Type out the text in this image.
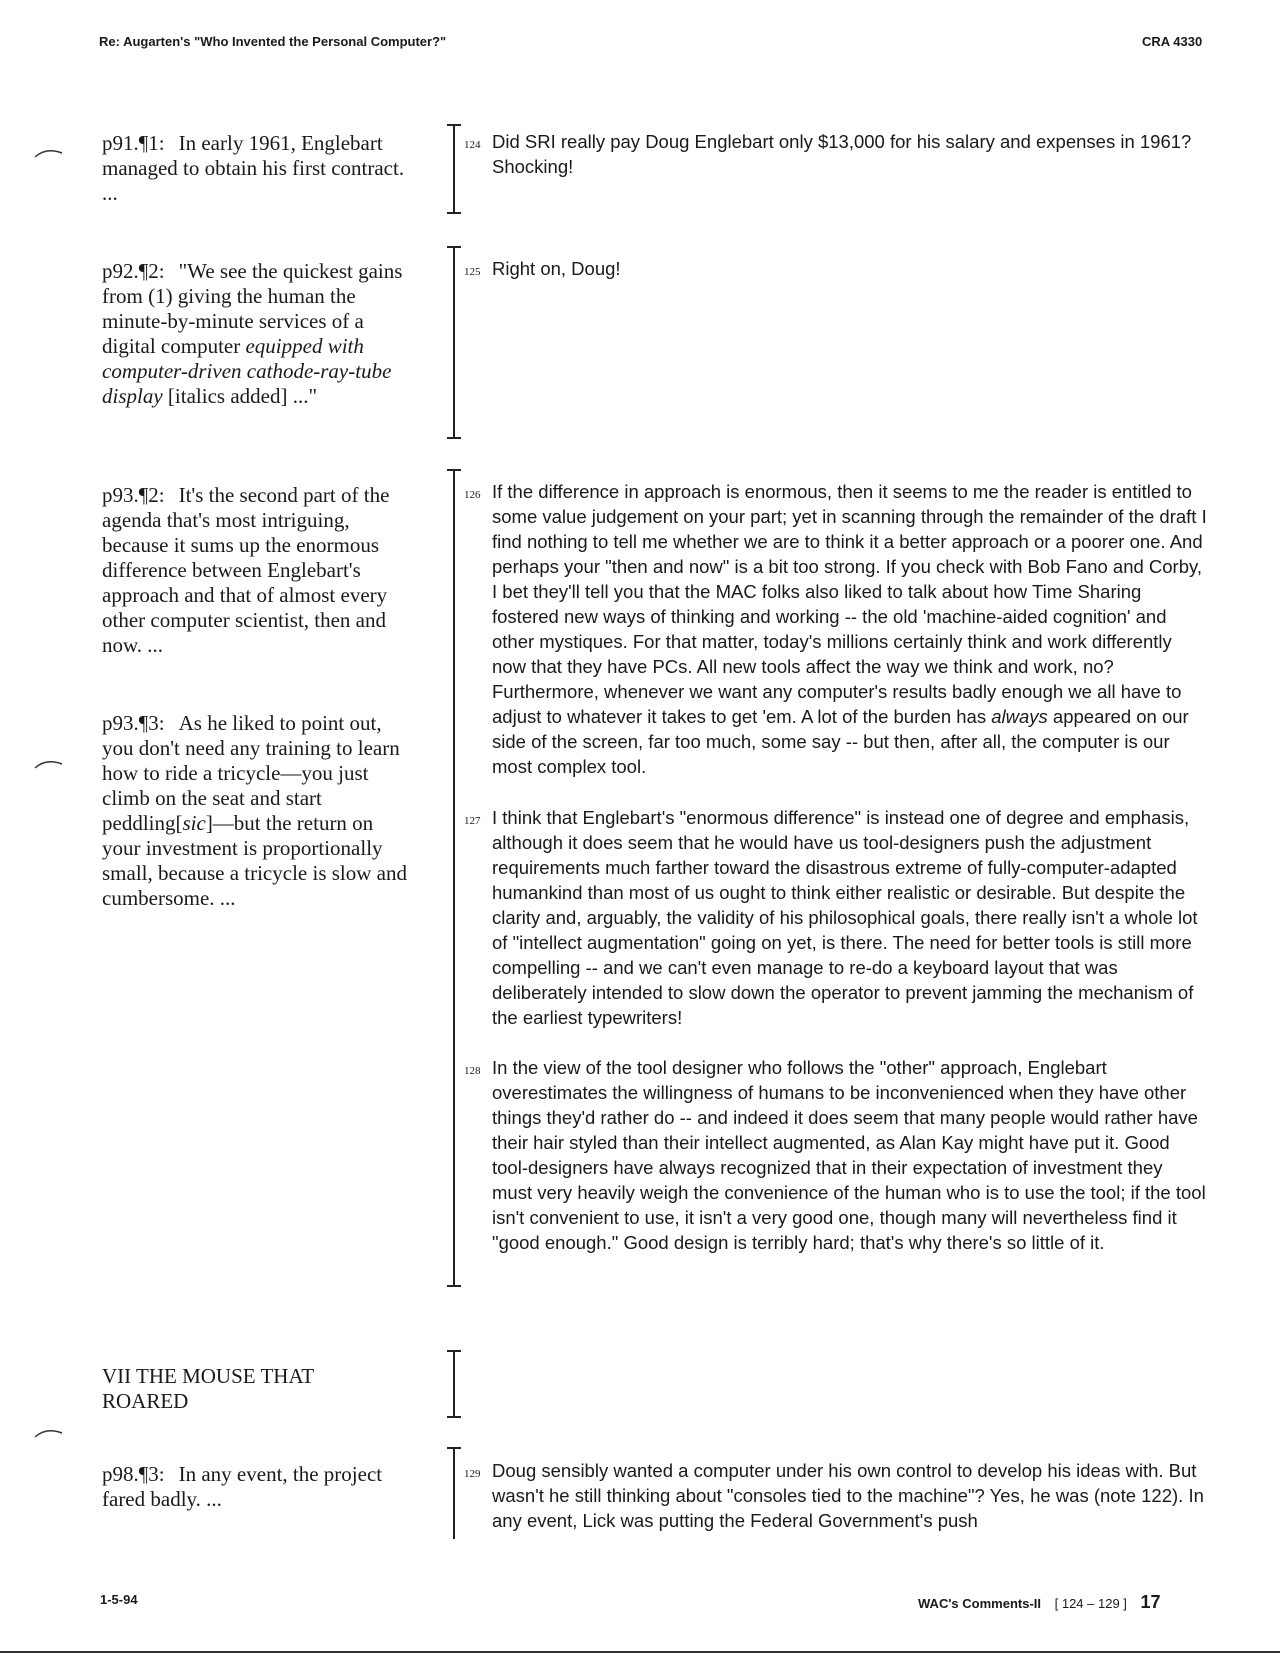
Re: Augarten's "Who Invented the Personal Computer?"	CRA 4330
p91.¶1: In early 1961, Englebart managed to obtain his first contract. ...
p92.¶2: "We see the quickest gains from (1) giving the human the minute-by-minute services of a digital computer equipped with computer-driven cathode-ray-tube display [italics added] ..."
p93.¶2: It's the second part of the agenda that's most intriguing, because it sums up the enormous difference between Englebart's approach and that of almost every other computer scientist, then and now. ...
p93.¶3: As he liked to point out, you don't need any training to learn how to ride a tricycle—you just climb on the seat and start peddling[sic]—but the return on your investment is proportionally small, because a tricycle is slow and cumbersome. ...
VII THE MOUSE THAT ROARED
p98.¶3: In any event, the project fared badly. ...
124 Did SRI really pay Doug Englebart only $13,000 for his salary and expenses in 1961? Shocking!
125 Right on, Doug!
126 If the difference in approach is enormous, then it seems to me the reader is entitled to some value judgement on your part; yet in scanning through the remainder of the draft I find nothing to tell me whether we are to think it a better approach or a poorer one. And perhaps your "then and now" is a bit too strong. If you check with Bob Fano and Corby, I bet they'll tell you that the MAC folks also liked to talk about how Time Sharing fostered new ways of thinking and working -- the old 'machine-aided cognition' and other mystiques. For that matter, today's millions certainly think and work differently now that they have PCs. All new tools affect the way we think and work, no? Furthermore, whenever we want any computer's results badly enough we all have to adjust to whatever it takes to get 'em. A lot of the burden has always appeared on our side of the screen, far too much, some say -- but then, after all, the computer is our most complex tool.
127 I think that Englebart's "enormous difference" is instead one of degree and emphasis, although it does seem that he would have us tool-designers push the adjustment requirements much farther toward the disastrous extreme of fully-computer-adapted humankind than most of us ought to think either realistic or desirable. But despite the clarity and, arguably, the validity of his philosophical goals, there really isn't a whole lot of "intellect augmentation" going on yet, is there. The need for better tools is still more compelling -- and we can't even manage to re-do a keyboard layout that was deliberately intended to slow down the operator to prevent jamming the mechanism of the earliest typewriters!
128 In the view of the tool designer who follows the "other" approach, Englebart overestimates the willingness of humans to be inconvenienced when they have other things they'd rather do -- and indeed it does seem that many people would rather have their hair styled than their intellect augmented, as Alan Kay might have put it. Good tool-designers have always recognized that in their expectation of investment they must very heavily weigh the convenience of the human who is to use the tool; if the tool isn't convenient to use, it isn't a very good one, though many will nevertheless find it "good enough." Good design is terribly hard; that's why there's so little of it.
129 Doug sensibly wanted a computer under his own control to develop his ideas with. But wasn't he still thinking about "consoles tied to the machine"? Yes, he was (note 122). In any event, Lick was putting the Federal Government's push
1-5-94	WAC's Comments-II [ 124 – 129 ] 17
